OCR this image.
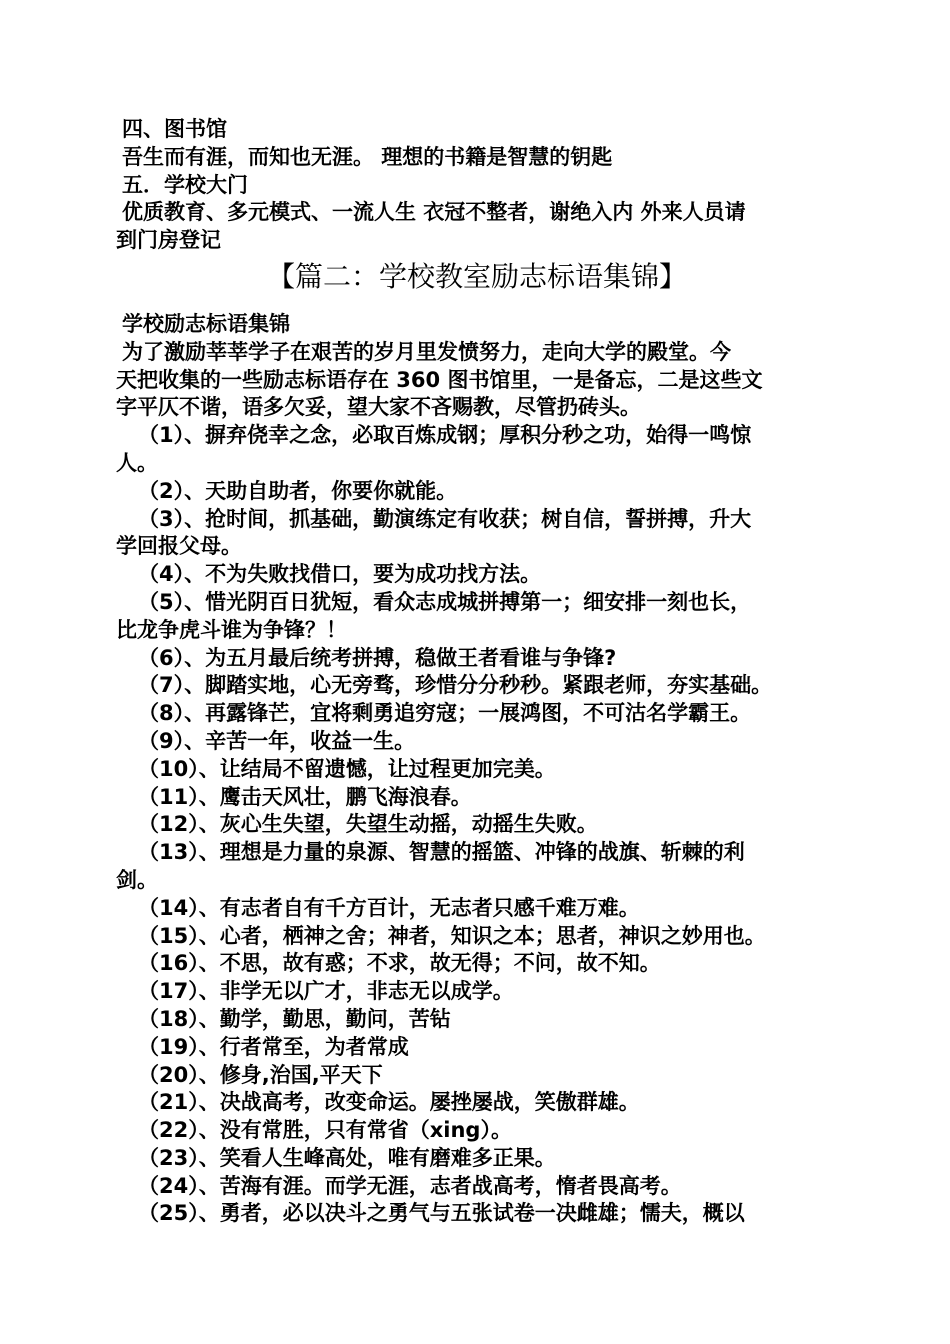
四、图书馆
吾生而有涯，而知也无涯。 理想的书籍是智慧的钥匙
五．学校大门
优质教育、多元模式、一流人生 衣冠不整者，谢绝入内 外来人员请
到门房登记
【篇二：学校教室励志标语集锦】
学校励志标语集锦
为了激励莘莘学子在艰苦的岁月里发愤努力，走向大学的殿堂。今
天把收集的一些励志标语存在 360 图书馆里，一是备忘，二是这些文
字平仄不谐，语多欠妥，望大家不吝赐教，尽管扔砖头。
（1）、摒弃侥幸之念，必取百炼成钢；厚积分秒之功，始得一鸣惊
人。
（2）、天助自助者，你要你就能。
（3）、抢时间，抓基础，勤演练定有收获；树自信，誓拼搏，升大
学回报父母。
（4）、不为失败找借口，要为成功找方法。
（5）、惜光阴百日犹短，看众志成城拼搏第一；细安排一刻也长，
比龙争虎斗谁为争锋？！
（6）、为五月最后统考拼搏，稳做王者看谁与争锋?
（7）、脚踏实地，心无旁骛，珍惜分分秒秒。紧跟老师，夯实基础。
（8）、再露锋芒，宜将剩勇追穷寇；一展鸿图，不可沽名学霸王。
（9）、辛苦一年，收益一生。
（10）、让结局不留遗憾，让过程更加完美。
（11）、鹰击天风壮，鹏飞海浪春。
（12）、灰心生失望，失望生动摇，动摇生失败。
（13）、理想是力量的泉源、智慧的摇篮、冲锋的战旗、斩棘的利
剑。
（14）、有志者自有千方百计，无志者只感千难万难。
（15）、心者，栖神之舍；神者，知识之本；思者，神识之妙用也。
（16）、不思，故有惑；不求，故无得；不问，故不知。
（17）、非学无以广才，非志无以成学。
（18）、勤学，勤思，勤问，苦钻
（19）、行者常至，为者常成
（20）、修身,治国,平天下
（21）、决战高考，改变命运。屡挫屡战，笑傲群雄。
（22）、没有常胜，只有常省（xing）。
（23）、笑看人生峰高处，唯有磨难多正果。
（24）、苦海有涯。而学无涯，志者战高考，惰者畏高考。
（25）、勇者，必以决斗之勇气与五张试卷一决雌雄；懦夫，概以
